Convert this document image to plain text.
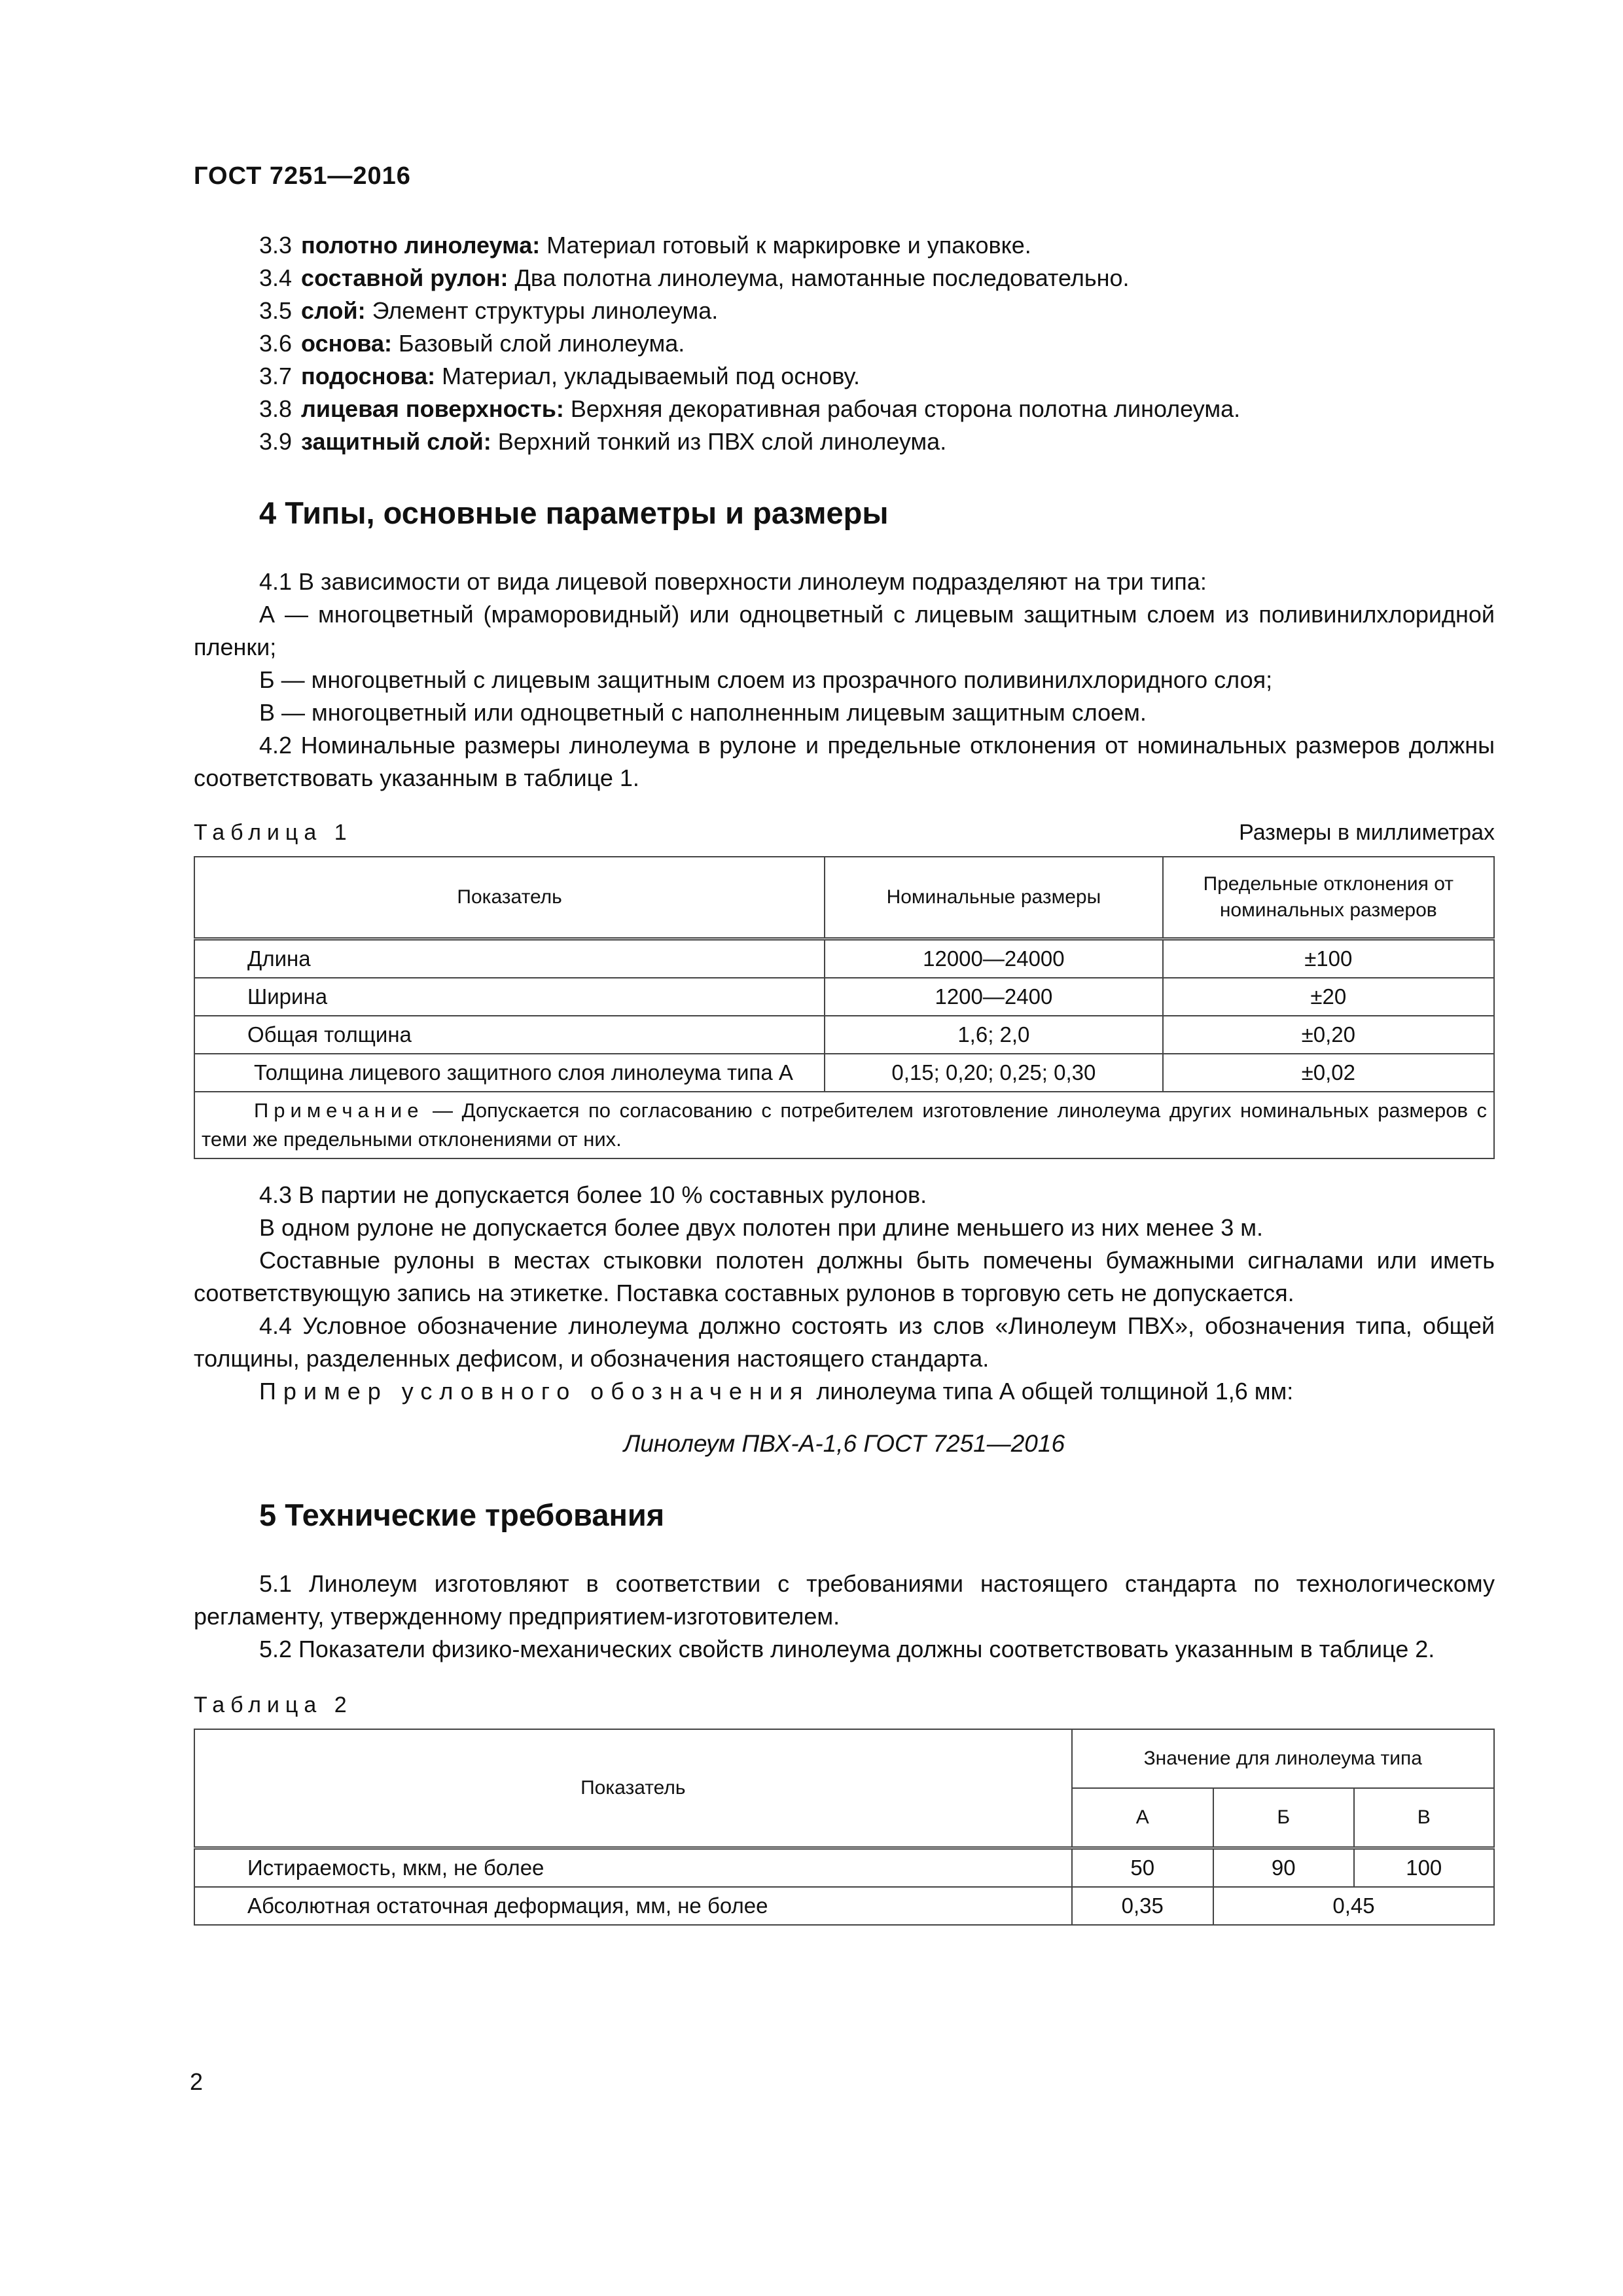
ГОСТ 7251—2016
3.3 полотно линолеума: Материал готовый к маркировке и упаковке.
3.4 составной рулон: Два полотна линолеума, намотанные последовательно.
3.5 слой: Элемент структуры линолеума.
3.6 основа: Базовый слой линолеума.
3.7 подоснова: Материал, укладываемый под основу.
3.8 лицевая поверхность: Верхняя декоративная рабочая сторона полотна линолеума.
3.9 защитный слой: Верхний тонкий из ПВХ слой линолеума.
4 Типы, основные параметры и размеры

4.1 В зависимости от вида лицевой поверхности линолеум подразделяют на три типа:

А — многоцветный (мраморовидный) или одноцветный с лицевым защитным слоем из поливинилхлоридной пленки;

Б — многоцветный с лицевым защитным слоем из прозрачного поливинилхлоридного слоя;

В — многоцветный или одноцветный с наполненным лицевым защитным слоем.

4.2 Номинальные размеры линолеума в рулоне и предельные отклонения от номинальных размеров должны соответствовать указанным в таблице 1.

Таблица 1	Размеры в миллиметрах
Показатель	Номинальные размеры	Предельные отклонения от номинальных размеров
Длина	12000—24000	±100
Ширина	1200—2400	±20
Общая толщина	1,6; 2,0	±0,20
Толщина лицевого защитного слоя линолеума типа А	0,15; 0,20; 0,25; 0,30	±0,02
Примечание — Допускается по согласованию с потребителем изготовление линолеума других номинальных размеров с теми же предельными отклонениями от них.		

4.3 В партии не допускается более 10 % составных рулонов.

В одном рулоне не допускается более двух полотен при длине меньшего из них менее 3 м.

Составные рулоны в местах стыковки полотен должны быть помечены бумажными сигналами или иметь соответствующую запись на этикетке. Поставка составных рулонов в торговую сеть не допускается.

4.4 Условное обозначение линолеума должно состоять из слов «Линолеум ПВХ», обозначения типа, общей толщины, разделенных дефисом, и обозначения настоящего стандарта.

Пример условного обозначения линолеума типа А общей толщиной 1,6 мм:

Линолеум ПВХ-А-1,6 ГОСТ 7251—2016

5 Технические требования

5.1 Линолеум изготовляют в соответствии с требованиями настоящего стандарта по технологическому регламенту, утвержденному предприятием-изготовителем.

5.2 Показатели физико-механических свойств линолеума должны соответствовать указанным в таблице 2.

Таблица 2
Показатель	Значение для линолеума типа		
	А	Б	В
Истираемость, мкм, не более	50	90	100
Абсолютная остаточная деформация, мм, не более	0,35	0,45	
2
